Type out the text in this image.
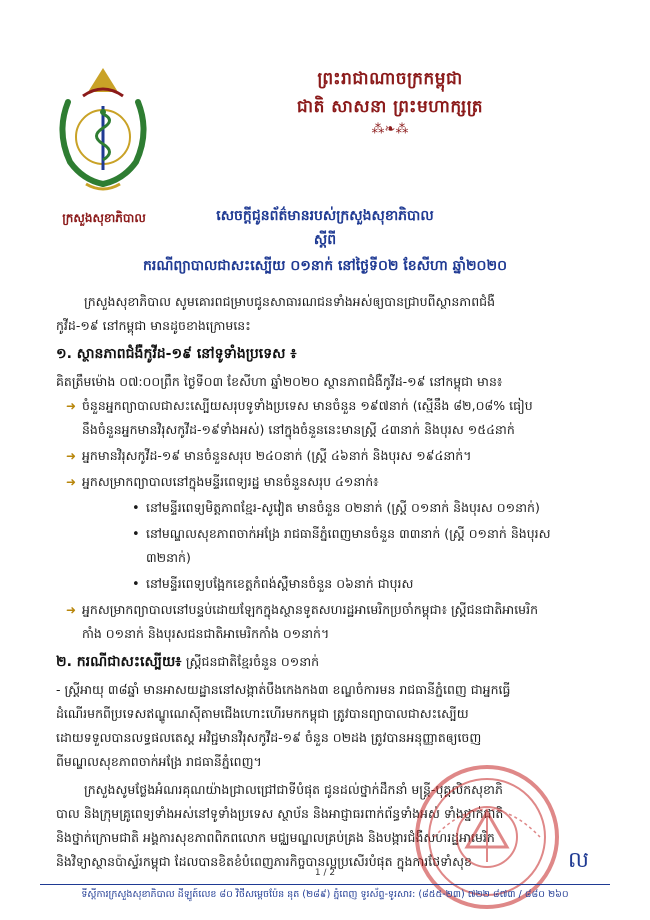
ក្រសួងសុខាភិបាល
ព្រះរាជាណាចក្រកម្ពុជា
ជាតិ សាសនា ព្រះមហាក្សត្រ
⁂❧⁂
សេចក្តីជូនព័ត៌មានរបស់ក្រសួងសុខាភិបាល
ស្តីពី
ករណីព្យាបាលជាសះស្បើយ ០១នាក់ នៅថ្ងៃទី០២ ខែសីហា ឆ្នាំ២០២០
ក្រសួងសុខាភិបាល សូមគោរពជម្រាបជូនសាធារណជនទាំងអស់ឲ្យបានជ្រាបពីស្ថានភាពជំងឺ
កូវីដ-១៩ នៅកម្ពុជា មានដូចខាងក្រោមនេះ
១. ស្ថានភាពជំងឺកូវីដ-១៩ នៅទូទាំងប្រទេស ៖
គិតត្រឹមម៉ោង ០៧:០០ព្រឹក ថ្ងៃទី០៣ ខែសីហា ឆ្នាំ២០២០ ស្ថានភាពជំងឺកូវីដ-១៩ នៅកម្ពុជា មាន៖
➜ ចំនួនអ្នកព្យាបាលជាសះស្បើយសរុបទូទាំងប្រទេស មានចំនួន ១៩៧នាក់ (ស្មើនឹង ៨២,០៨% ធៀប
នឹងចំនួនអ្នកមានវិរុសកូវីដ-១៩ទាំងអស់) នៅក្នុងចំនួននេះមានស្រ្តី ៤៣នាក់ និងបុរស ១៥៤នាក់
➜ អ្នកមានវិរុសកូវីដ-១៩ មានចំនួនសរុប ២៤០នាក់ (ស្ត្រី ៤៦នាក់ និងបុរស ១៩៤នាក់។
➜ អ្នកសម្រាកព្យាបាលនៅក្នុងមន្ទីរពេទ្យរដ្ឋ មានចំនួនសរុប ៤១នាក់៖
• នៅមន្ទីរពេទ្យមិត្តភាពខ្មែរ-សូវៀត មានចំនួន ០២នាក់ (ស្ត្រី ០១នាក់ និងបុរស ០១នាក់)
• នៅមណ្ឌលសុខភាពចាក់អង្រែ រាជធានីភ្នំពេញមានចំនួន ៣៣នាក់ (ស្ត្រី ០១នាក់ និងបុរស
៣២នាក់)
• នៅមន្ទីរពេទ្យបង្អែកខេត្តកំពង់ស្ពឺមានចំនួន ០៦នាក់ ជាបុរស
➜ អ្នកសម្រាកព្យាបាលនៅបន្ទប់ដោយឡែកក្នុងស្ថានទូតសហរដ្ឋអាមេរិកប្រចាំកម្ពុជា៖ ស្ត្រីជនជាតិអាមេរិក
កាំង ០១នាក់ និងបុរសជនជាតិអាមេរិកកាំង ០១នាក់។
២. ករណីជាសះស្បើយ៖ ស្រ្តីជនជាតិខ្មែរចំនួន ០១នាក់
- ស្រ្តីអាយុ ៣៨ឆ្នាំ មានអាសយដ្ឋាននៅសង្កាត់បឹងកេងកង៣ ខណ្ឌចំការមន រាជធានីភ្នំពេញ ជាអ្នកធ្វើ
ដំណើរមកពីប្រទេសឥណ្ឌូណេស៊ីតាមជើងហោះហើរមកកម្ពុជា ត្រូវបានព្យាបាលជាសះស្បើយ
ដោយទទួលបានលទ្ធផលតេស្ត អវិជ្ជមានវិរុសកូវីដ-១៩ ចំនួន ០២ដង ត្រូវបានអនុញ្ញាតឲ្យចេញ
ពីមណ្ឌលសុខភាពចាក់អង្រែ រាជធានីភ្នំពេញ។
ក្រសួងសូមថ្លែងអំណរគុណយ៉ាងជ្រាលជ្រៅជាទីបំផុត ជូនដល់ថ្នាក់ដឹកនាំ មន្ត្រី-បុគ្គលិកសុខាភិ
បាល និងក្រុមគ្រូពេទ្យទាំងអស់នៅទូទាំងប្រទេស ស្ថាប័ន និងអាជ្ញាធរពាក់ព័ន្ធទាំងអស់ ទាំងថ្នាក់ជាតិ
និងថ្នាក់ក្រោមជាតិ អង្គការសុខភាពពិភពលោក មជ្ឈមណ្ឌលគ្រប់គ្រង និងបង្ការជំងឺសហរដ្ឋអាមេរិក
និងវិទ្យាស្ថានប៉ាស្ទ័រកម្ពុជា ដែលបានខិតខំបំពេញភារកិច្ចបានល្អប្រសើរបំផុត ក្នុងការថែទាំសុខ	ល
1 / 2
ទីស្តីការក្រសួងសុខាភិបាល ដីឡូត៍លេខ ៨០ វិថីសម្តេចប៉ែន នុត (២៨៩) ភ្នំពេញ ទូរស័ព្ទ-ទូរសារ: (៨៥៥-២៣) ៧២២ ៨៧៣ / ៨៨០ ២៦០
